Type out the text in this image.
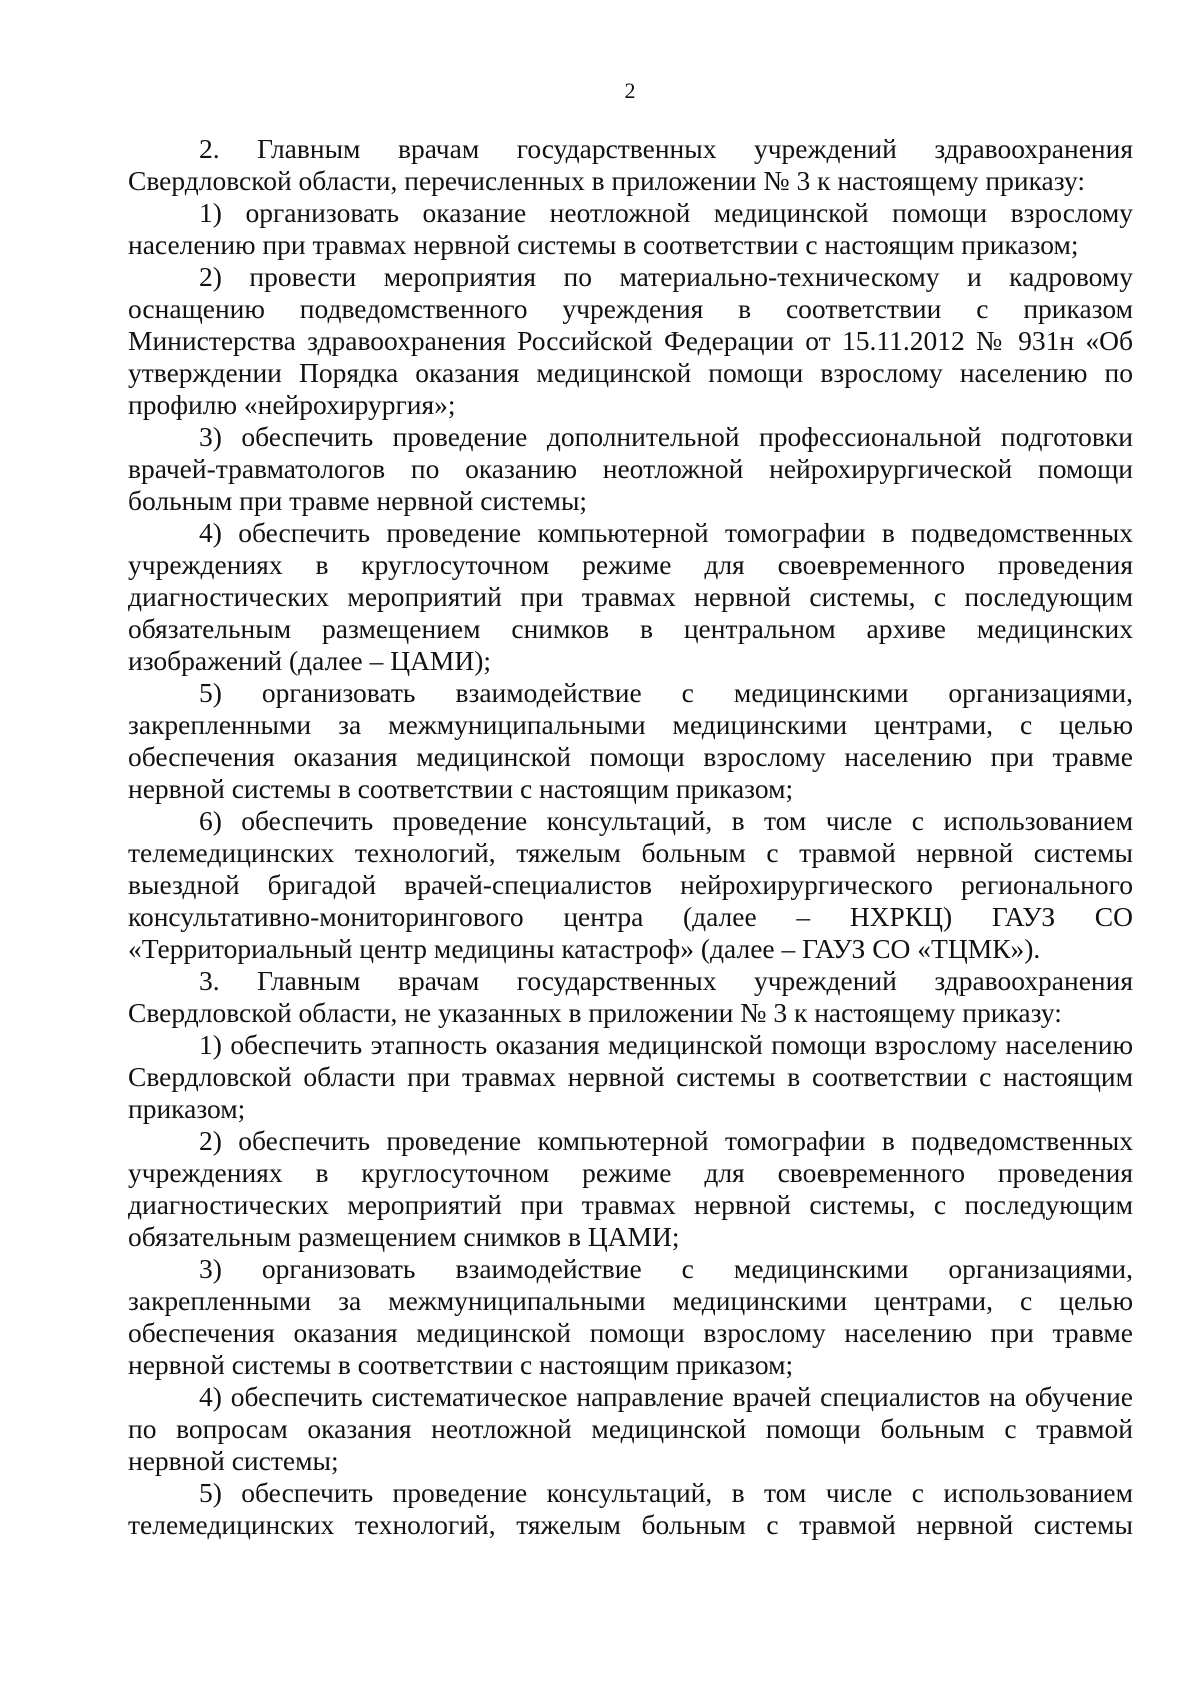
2

2. Главным врачам государственных учреждений здравоохранения Свердловской области, перечисленных в приложении № 3 к настоящему приказу:

1) организовать оказание неотложной медицинской помощи взрослому населению при травмах нервной системы в соответствии с настоящим приказом;

2) провести мероприятия по материально-техническому и кадровому оснащению подведомственного учреждения в соответствии с приказом Министерства здравоохранения Российской Федерации от 15.11.2012 № 931н «Об утверждении Порядка оказания медицинской помощи взрослому населению по профилю «нейрохирургия»;

3) обеспечить проведение дополнительной профессиональной подготовки врачей-травматологов по оказанию неотложной нейрохирургической помощи больным при травме нервной системы;

4) обеспечить проведение компьютерной томографии в подведомственных учреждениях в круглосуточном режиме для своевременного проведения диагностических мероприятий при травмах нервной системы, с последующим обязательным размещением снимков в центральном архиве медицинских изображений (далее – ЦАМИ);

5) организовать взаимодействие с медицинскими организациями, закрепленными за межмуниципальными медицинскими центрами, с целью обеспечения оказания медицинской помощи взрослому населению при травме нервной системы в соответствии с настоящим приказом;

6) обеспечить проведение консультаций, в том числе с использованием телемедицинских технологий, тяжелым больным с травмой нервной системы выездной бригадой врачей-специалистов нейрохирургического регионального консультативно-мониторингового центра (далее – НХРКЦ) ГАУЗ СО «Территориальный центр медицины катастроф» (далее – ГАУЗ СО «ТЦМК»).

3. Главным врачам государственных учреждений здравоохранения Свердловской области, не указанных в приложении № 3 к настоящему приказу:

1) обеспечить этапность оказания медицинской помощи взрослому населению Свердловской области при травмах нервной системы в соответствии с настоящим приказом;

2) обеспечить проведение компьютерной томографии в подведомственных учреждениях в круглосуточном режиме для своевременного проведения диагностических мероприятий при травмах нервной системы, с последующим обязательным размещением снимков в ЦАМИ;

3) организовать взаимодействие с медицинскими организациями, закрепленными за межмуниципальными медицинскими центрами, с целью обеспечения оказания медицинской помощи взрослому населению при травме нервной системы в соответствии с настоящим приказом;

4) обеспечить систематическое направление врачей специалистов на обучение по вопросам оказания неотложной медицинской помощи больным с травмой нервной системы;

5) обеспечить проведение консультаций, в том числе с использованием телемедицинских технологий, тяжелым больным с травмой нервной системы
